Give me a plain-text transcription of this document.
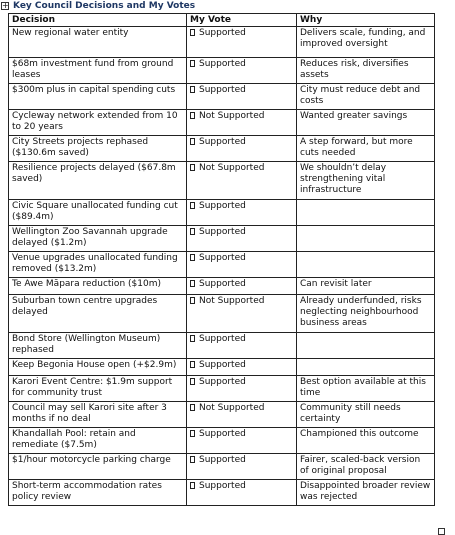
+ Key Council Decisions and My Votes
Decision	My Vote	Why
New regional water entity	Supported	Delivers scale, funding, and improved oversight
$68m investment fund from ground leases	Supported	Reduces risk, diversifies assets
$300m plus in capital spending cuts	Supported	City must reduce debt and costs
Cycleway network extended from 10 to 20 years	Not Supported	Wanted greater savings
City Streets projects rephased ($130.6m saved)	Supported	A step forward, but more cuts needed
Resilience projects delayed ($67.8m saved)	Not Supported	We shouldn’t delay strengthening vital infrastructure
Civic Square unallocated funding cut ($89.4m)	Supported	
Wellington Zoo Savannah upgrade delayed ($1.2m)	Supported	
Venue upgrades unallocated funding removed ($13.2m)	Supported	
Te Awe Māpara reduction ($10m)	Supported	Can revisit later
Suburban town centre upgrades delayed	Not Supported	Already underfunded, risks neglecting neighbourhood business areas
Bond Store (Wellington Museum) rephased	Supported	
Keep Begonia House open (+$2.9m)	Supported	
Karori Event Centre: $1.9m support for community trust	Supported	Best option available at this time
Council may sell Karori site after 3 months if no deal	Not Supported	Community still needs certainty
Khandallah Pool: retain and remediate ($7.5m)	Supported	Championed this outcome
$1/hour motorcycle parking charge	Supported	Fairer, scaled-back version of original proposal
Short-term accommodation rates policy review	Supported	Disappointed broader review was rejected
